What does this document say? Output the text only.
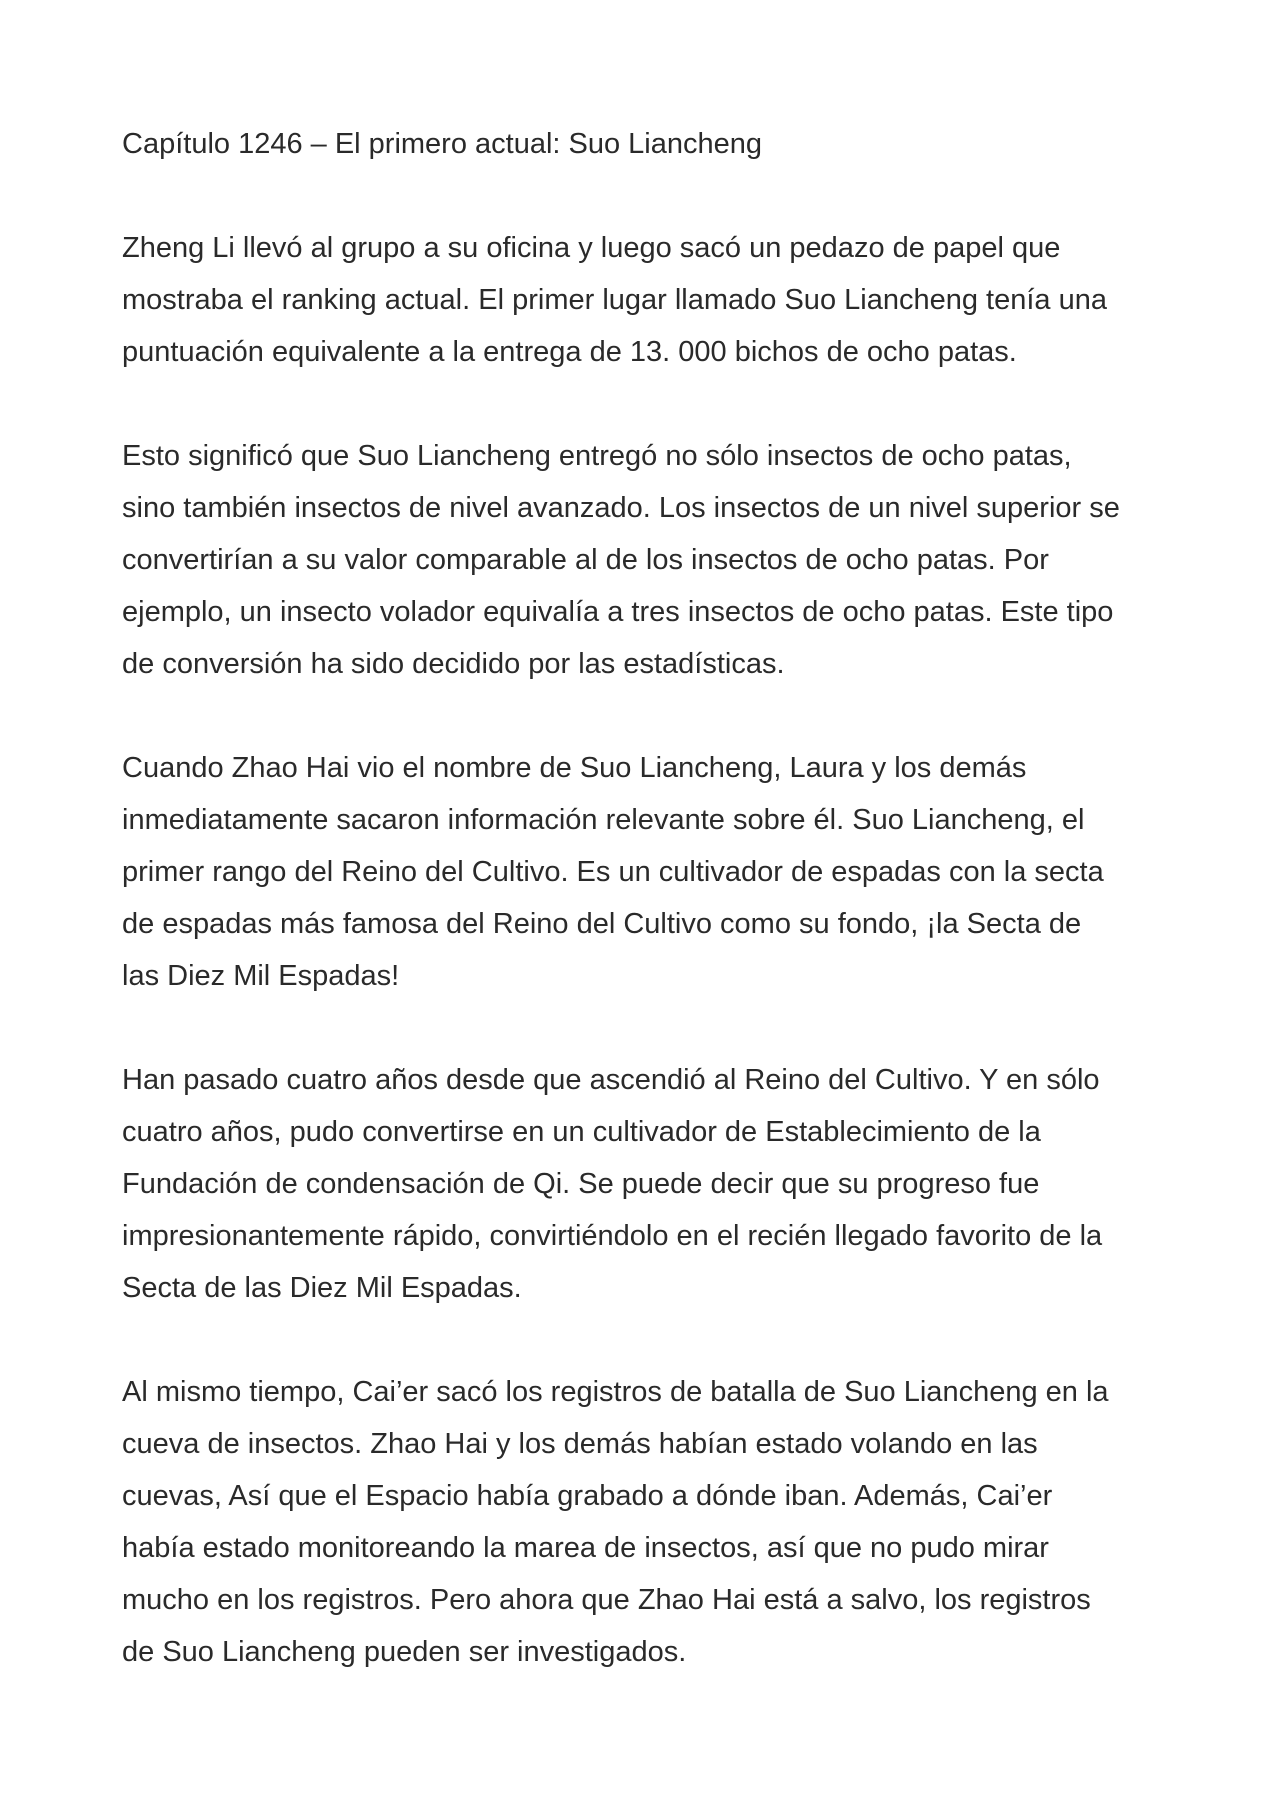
Capítulo 1246 – El primero actual: Suo Liancheng

Zheng Li llevó al grupo a su oficina y luego sacó un pedazo de papel que
mostraba el ranking actual. El primer lugar llamado Suo Liancheng tenía una
puntuación equivalente a la entrega de 13. 000 bichos de ocho patas.

Esto significó que Suo Liancheng entregó no sólo insectos de ocho patas,
sino también insectos de nivel avanzado. Los insectos de un nivel superior se
convertirían a su valor comparable al de los insectos de ocho patas. Por
ejemplo, un insecto volador equivalía a tres insectos de ocho patas. Este tipo
de conversión ha sido decidido por las estadísticas.

Cuando Zhao Hai vio el nombre de Suo Liancheng, Laura y los demás
inmediatamente sacaron información relevante sobre él. Suo Liancheng, el
primer rango del Reino del Cultivo. Es un cultivador de espadas con la secta
de espadas más famosa del Reino del Cultivo como su fondo, ¡la Secta de
las Diez Mil Espadas!

Han pasado cuatro años desde que ascendió al Reino del Cultivo. Y en sólo
cuatro años, pudo convertirse en un cultivador de Establecimiento de la
Fundación de condensación de Qi. Se puede decir que su progreso fue
impresionantemente rápido, convirtiéndolo en el recién llegado favorito de la
Secta de las Diez Mil Espadas.

Al mismo tiempo, Cai’er sacó los registros de batalla de Suo Liancheng en la
cueva de insectos. Zhao Hai y los demás habían estado volando en las
cuevas, Así que el Espacio había grabado a dónde iban. Además, Cai’er
había estado monitoreando la marea de insectos, así que no pudo mirar
mucho en los registros. Pero ahora que Zhao Hai está a salvo, los registros
de Suo Liancheng pueden ser investigados.
